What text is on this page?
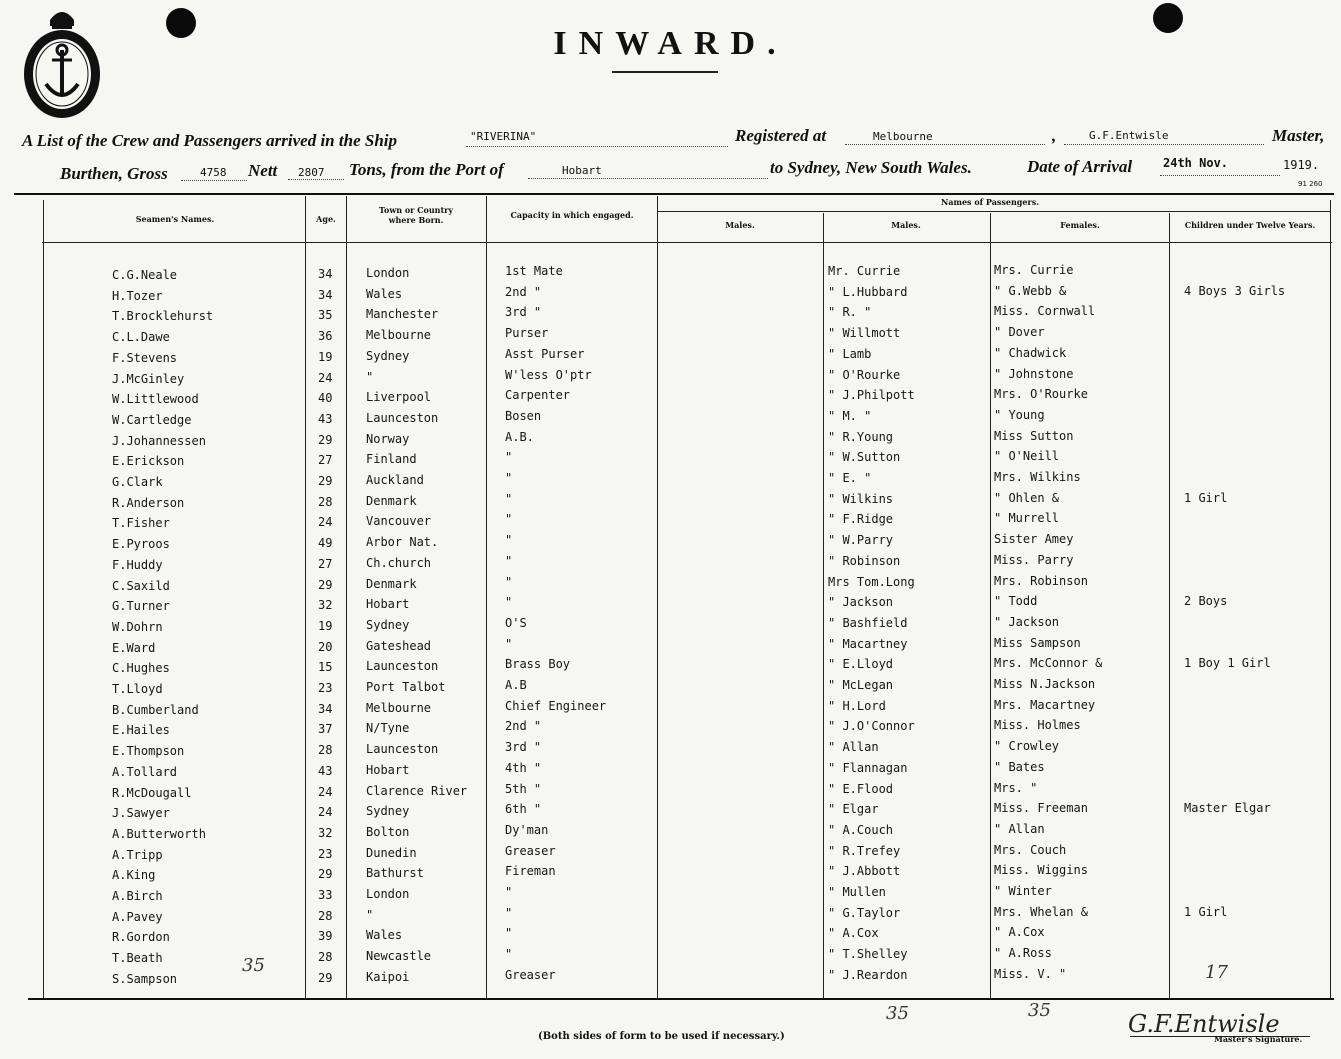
INWARD.
A List of the Crew and Passengers arrived in the Ship	"RIVERINA"	Registered at	Melbourne	,	G.F.Entwisle	Master,
Burthen, Gross	4758 Nett 2807 Tons, from the Port of	Hobart	to Sydney, New South Wales.	Date of Arrival	24th Nov.	1919.
91 260
Seamen's Names.	Age.
Town or Country where Born.	Capacity in which engaged.
Names of Passengers.
Males.	Males.	Females.	Children under Twelve Years.
C.G.Neale	34	London	1st Mate	Mr. Currie	Mrs. Currie
H.Tozer	34	Wales	2nd "	" L.Hubbard	" G.Webb &	4 Boys 3 Girls
T.Brocklehurst	35	Manchester	3rd "	" R. "	Miss. Cornwall
C.L.Dawe	36	Melbourne	Purser	" Willmott	" Dover
F.Stevens	19	Sydney	Asst Purser	" Lamb	" Chadwick
J.McGinley	24	"	W'less O'ptr	" O'Rourke	" Johnstone
W.Littlewood	40	Liverpool	Carpenter	" J.Philpott	Mrs. O'Rourke
W.Cartledge	43	Launceston	Bosen	" M. "	" Young
J.Johannessen	29	Norway	A.B.	" R.Young	Miss Sutton
E.Erickson	27	Finland	"	" W.Sutton	" O'Neill
G.Clark	29	Auckland	"	" E. "	Mrs. Wilkins
R.Anderson	28	Denmark	"	" Wilkins	" Ohlen &	1 Girl
T.Fisher	24	Vancouver	"	" F.Ridge	" Murrell
E.Pyroos	49	Arbor Nat.	"	" W.Parry	Sister Amey
F.Huddy	27	Ch.church	"	" Robinson	Miss. Parry
C.Saxild	29	Denmark	"	Mrs Tom.Long	Mrs. Robinson
G.Turner	32	Hobart	"	" Jackson	" Todd	2 Boys
W.Dohrn	19	Sydney	O'S	" Bashfield	" Jackson
E.Ward	20	Gateshead	"	" Macartney	Miss Sampson
C.Hughes	15	Launceston	Brass Boy	" E.Lloyd	Mrs. McConnor &	1 Boy 1 Girl
T.Lloyd	23	Port Talbot	A.B	" McLegan	Miss N.Jackson
B.Cumberland	34	Melbourne	Chief Engineer	" H.Lord	Mrs. Macartney
E.Hailes	37	N/Tyne	2nd "	" J.O'Connor	Miss. Holmes
E.Thompson	28	Launceston	3rd "	" Allan	" Crowley
A.Tollard	43	Hobart	4th "	" Flannagan	" Bates
R.McDougall	24	Clarence River	5th "	" E.Flood	Mrs. "
J.Sawyer	24	Sydney	6th "	" Elgar	Miss. Freeman	Master Elgar
A.Butterworth	32	Bolton	Dy'man	" A.Couch	" Allan
A.Tripp	23	Dunedin	Greaser	" R.Trefey	Mrs. Couch
A.King	29	Bathurst	Fireman	" J.Abbott	Miss. Wiggins
A.Birch	33	London	"	" Mullen	" Winter
A.Pavey	28	"	"	" G.Taylor	Mrs. Whelan &	1 Girl
R.Gordon	39	Wales	"	" A.Cox	" A.Cox
T.Beath	28	Newcastle	"	" T.Shelley	" A.Ross
S.Sampson	29	Kaipoi	Greaser	" J.Reardon	Miss. V. "
35
35	35
17
(Both sides of form to be used if necessary.)	G.F.Entwisle
Master's Signature.
